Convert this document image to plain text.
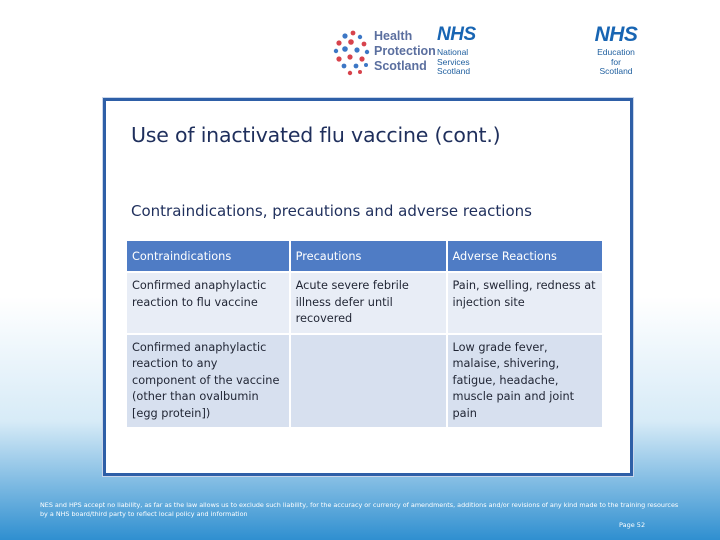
Health
Protection
Scotland
NHS
National
Services
Scotland
NHS
Education
for
Scotland
Use of inactivated flu vaccine (cont.)
Contraindications, precautions and adverse reactions
Contraindications	Precautions	Adverse Reactions
Confirmed anaphylactic reaction to flu vaccine	Acute severe febrile illness defer until recovered	Pain, swelling, redness at injection site
Confirmed anaphylactic reaction to any component of the vaccine (other than ovalbumin [egg protein])		Low grade fever, malaise, shivering, fatigue, headache, muscle pain and joint pain
NES and HPS accept no liability, as far as the law allows us to exclude such liability, for the accuracy or currency of amendments, additions and/or revisions of any kind made to the training resources by a NHS board/third party to reflect local policy and information
Page 52
